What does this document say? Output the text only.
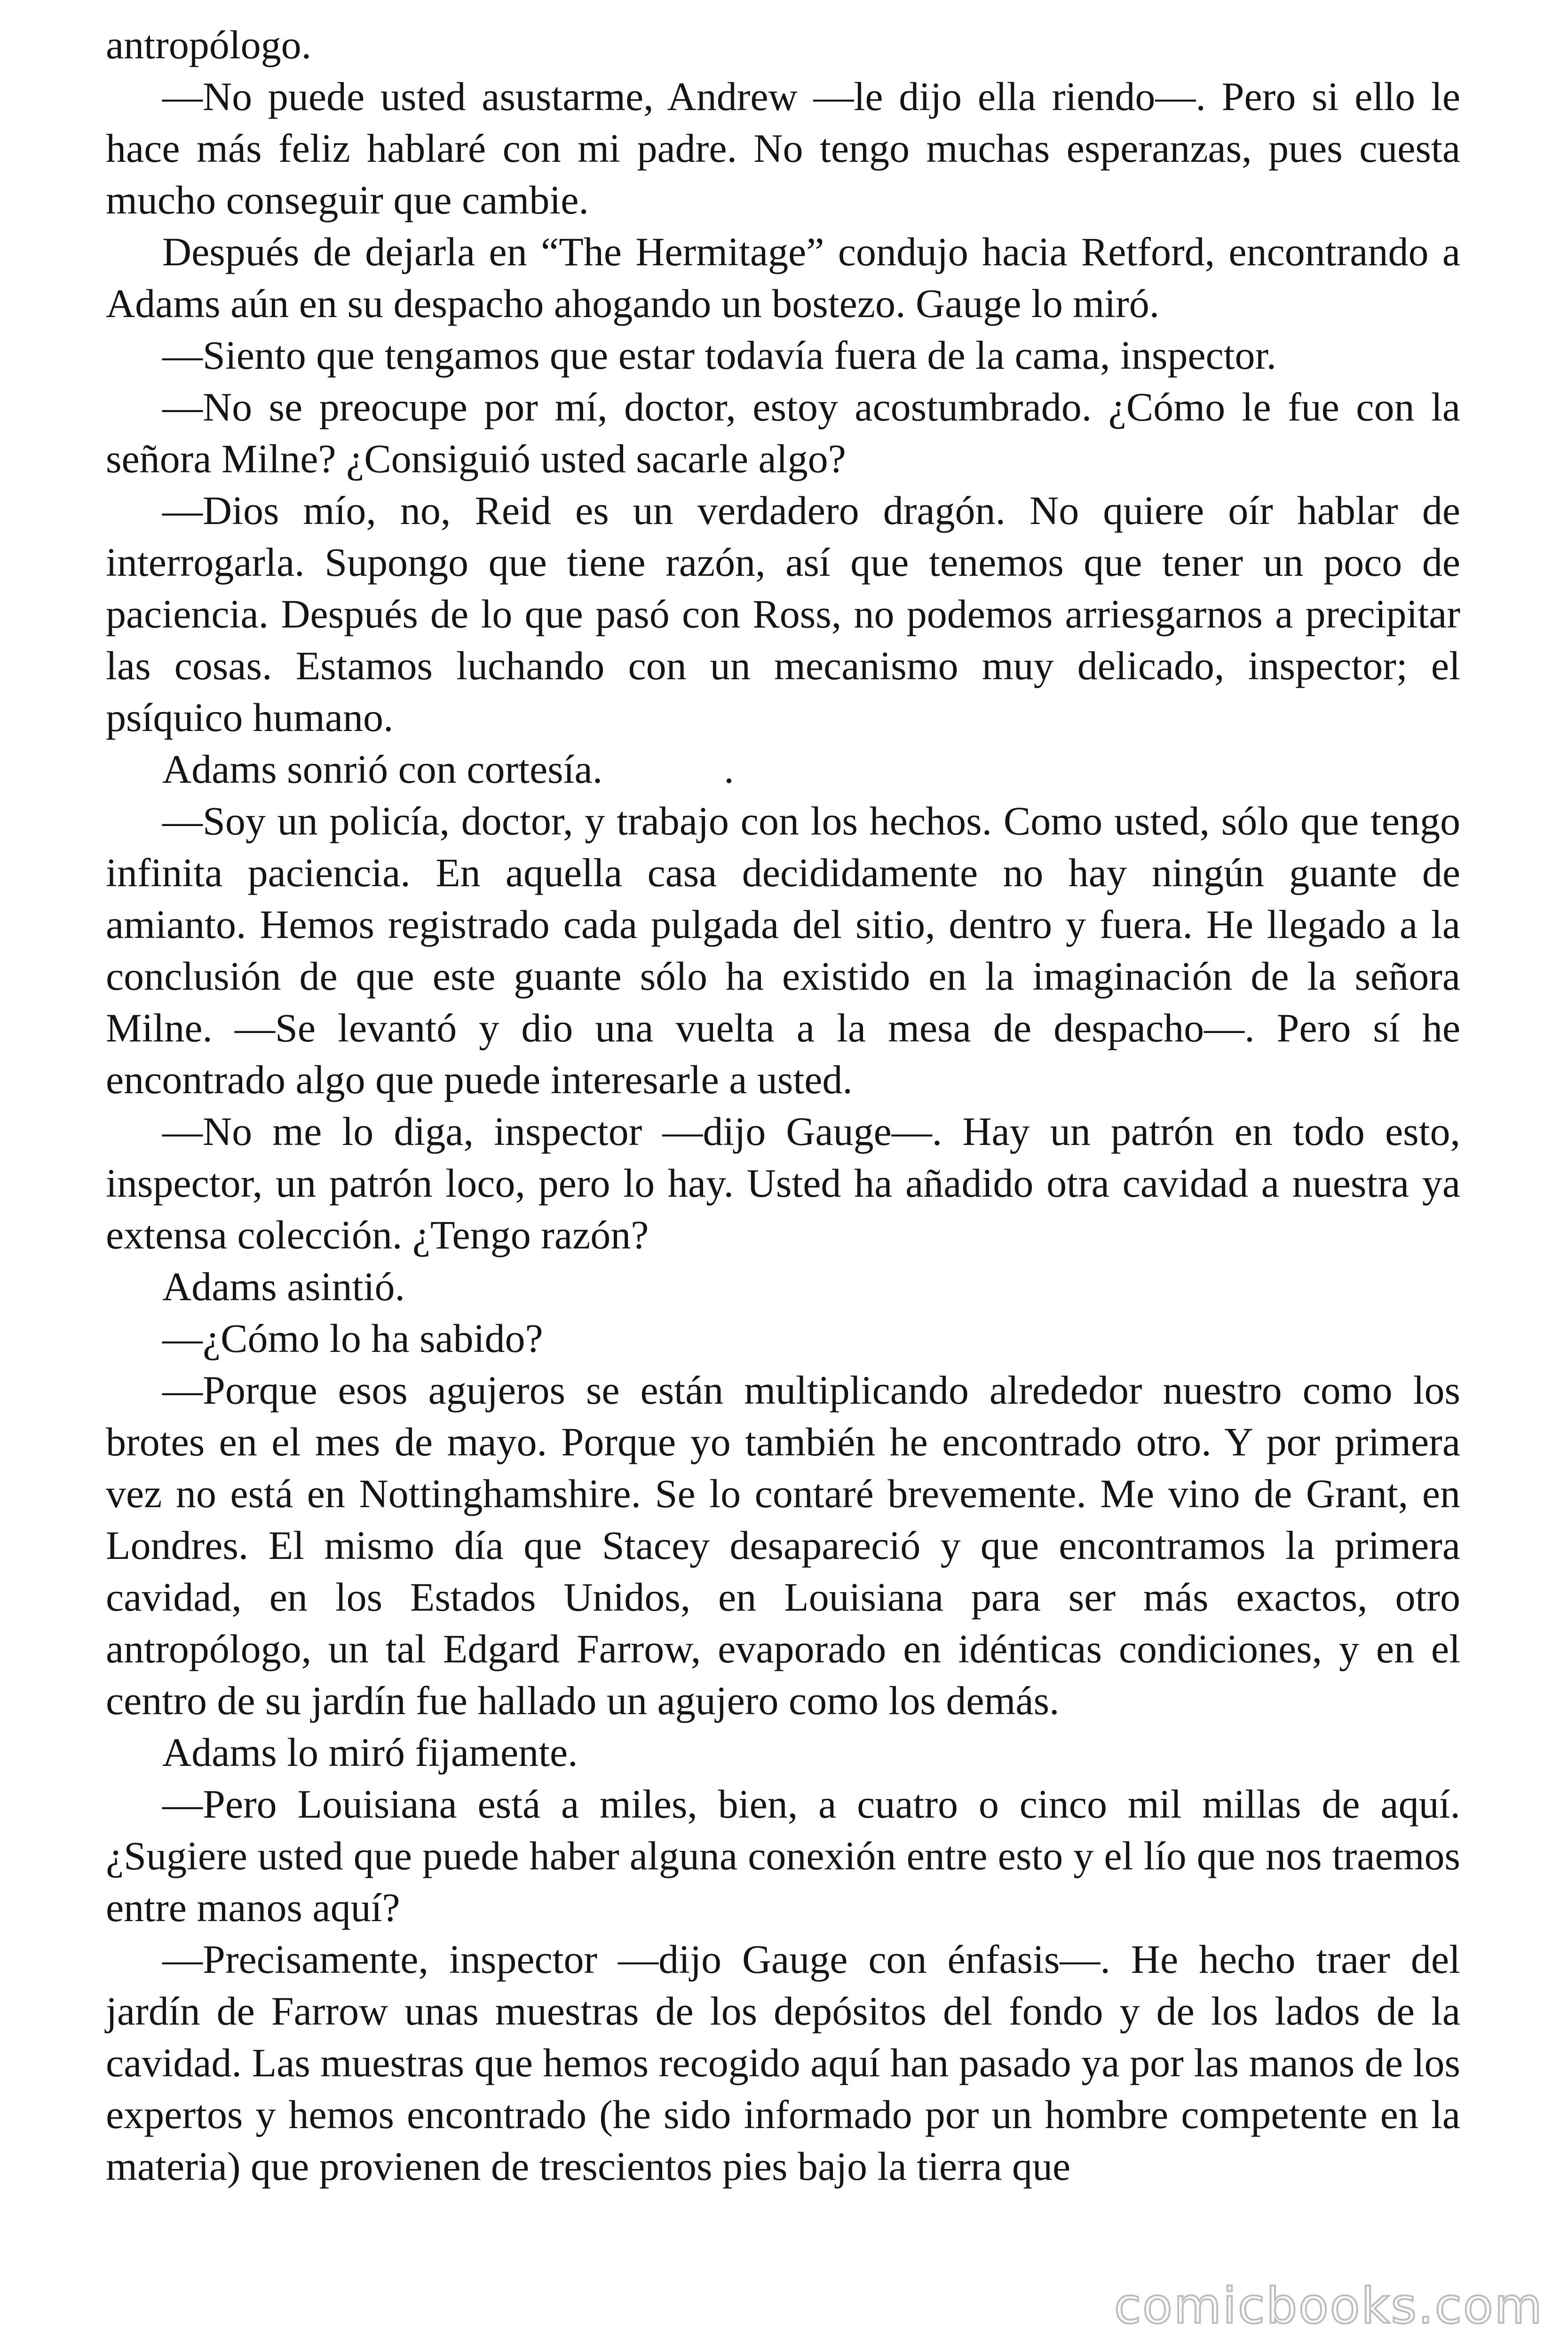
antropólogo.

—No puede usted asustarme, Andrew —le dijo ella riendo—. Pero si ello le hace más feliz hablaré con mi padre. No tengo muchas esperanzas, pues cuesta mucho conseguir que cambie.

Después de dejarla en “The Hermitage” condujo hacia Retford, encontrando a Adams aún en su despacho ahogando un bostezo. Gauge lo miró.

—Siento que tengamos que estar todavía fuera de la cama, inspector.

—No se preocupe por mí, doctor, estoy acostumbrado. ¿Cómo le fue con la señora Milne? ¿Consiguió usted sacarle algo?

—Dios mío, no, Reid es un verdadero dragón. No quiere oír hablar de interrogarla. Supongo que tiene razón, así que tenemos que tener un poco de paciencia. Después de lo que pasó con Ross, no podemos arriesgarnos a precipitar las cosas. Estamos luchando con un mecanismo muy delicado, inspector; el psíquico humano.

Adams sonrió con cortesía.            .

—Soy un policía, doctor, y trabajo con los hechos. Como usted, sólo que tengo infinita paciencia. En aquella casa decididamente no hay ningún guante de amianto. Hemos registrado cada pulgada del sitio, dentro y fuera. He llegado a la conclusión de que este guante sólo ha existido en la imaginación de la señora Milne. —Se levantó y dio una vuelta a la mesa de despacho—. Pero sí he encontrado algo que puede interesarle a usted.

—No me lo diga, inspector —dijo Gauge—. Hay un patrón en todo esto, inspector, un patrón loco, pero lo hay. Usted ha añadido otra cavidad a nuestra ya extensa colección. ¿Tengo razón?

Adams asintió.

—¿Cómo lo ha sabido?

—Porque esos agujeros se están multiplicando alrededor nuestro como los brotes en el mes de mayo. Porque yo también he encontrado otro. Y por primera vez no está en Nottinghamshire. Se lo contaré brevemente. Me vino de Grant, en Londres. El mismo día que Stacey desapareció y que encontramos la primera cavidad, en los Estados Unidos, en Louisiana para ser más exactos, otro antropólogo, un tal Edgard Farrow, evaporado en idénticas condiciones, y en el centro de su jardín fue hallado un agujero como los demás.

Adams lo miró fijamente.

—Pero Louisiana está a miles, bien, a cuatro o cinco mil millas de aquí. ¿Sugiere usted que puede haber alguna conexión entre esto y el lío que nos traemos entre manos aquí?

—Precisamente, inspector —dijo Gauge con énfasis—. He hecho traer del jardín de Farrow unas muestras de los depósitos del fondo y de los lados de la cavidad. Las muestras que hemos recogido aquí han pasado ya por las manos de los expertos y hemos encontrado (he sido informado por un hombre competente en la materia) que provienen de trescientos pies bajo la tierra que

comicbooks.com
